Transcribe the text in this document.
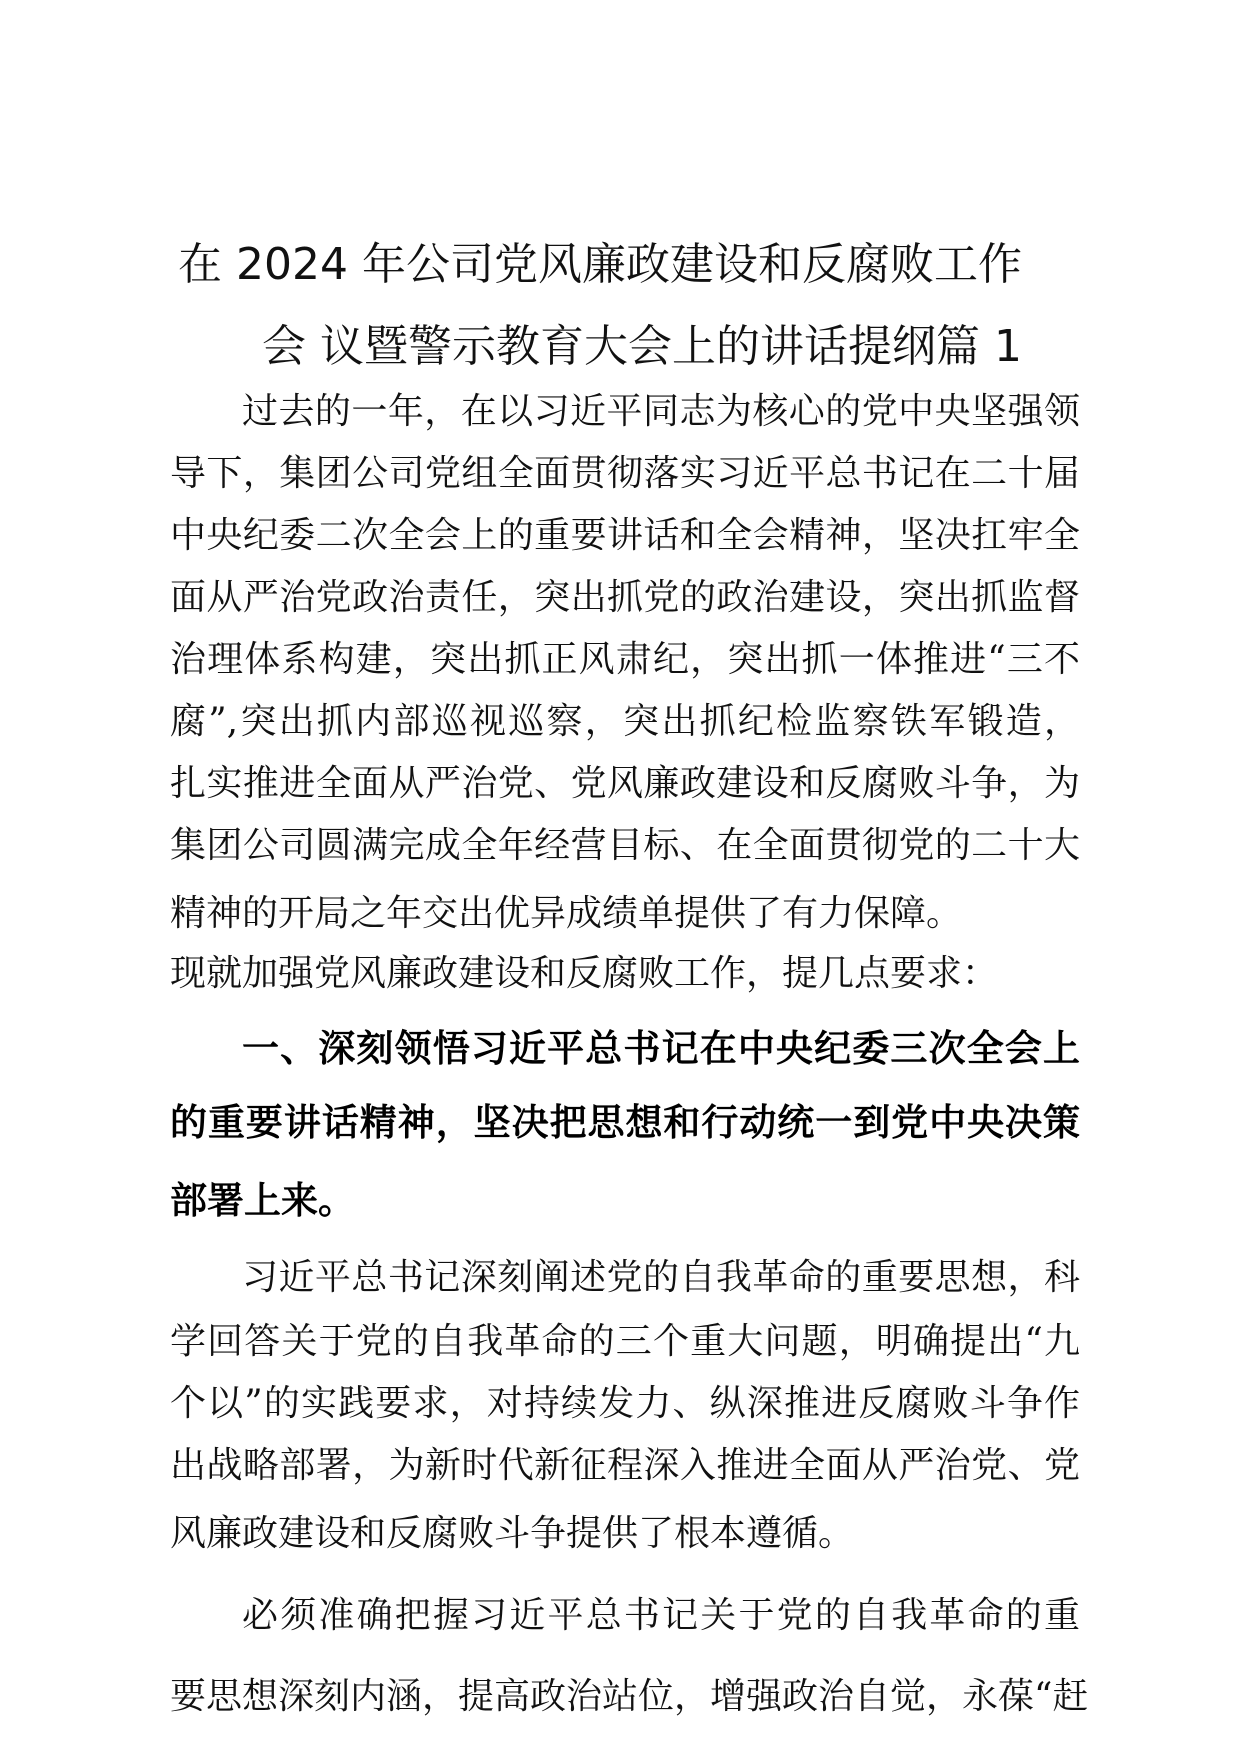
在 2024 年公司党风廉政建设和反腐败工作
会 议暨警示教育大会上的讲话提纲篇 1
过去的一年，在以习近平同志为核心的党中央坚强领
导下，集团公司党组全面贯彻落实习近平总书记在二十届
中央纪委二次全会上的重要讲话和全会精神，坚决扛牢全
面从严治党政治责任，突出抓党的政治建设，突出抓监督
治理体系构建，突出抓正风肃纪，突出抓一体推进“三不
腐”,突出抓内部巡视巡察，突出抓纪检监察铁军锻造，
扎实推进全面从严治党、党风廉政建设和反腐败斗争，为
集团公司圆满完成全年经营目标、在全面贯彻党的二十大
精神的开局之年交出优异成绩单提供了有力保障。
现就加强党风廉政建设和反腐败工作，提几点要求：
一、深刻领悟习近平总书记在中央纪委三次全会上
的重要讲话精神，坚决把思想和行动统一到党中央决策
部署上来。
习近平总书记深刻阐述党的自我革命的重要思想，科
学回答关于党的自我革命的三个重大问题，明确提出“九
个以”的实践要求，对持续发力、纵深推进反腐败斗争作
出战略部署，为新时代新征程深入推进全面从严治党、党
风廉政建设和反腐败斗争提供了根本遵循。
必须准确把握习近平总书记关于党的自我革命的重
要思想深刻内涵，提高政治站位，增强政治自觉，永葆“赶
